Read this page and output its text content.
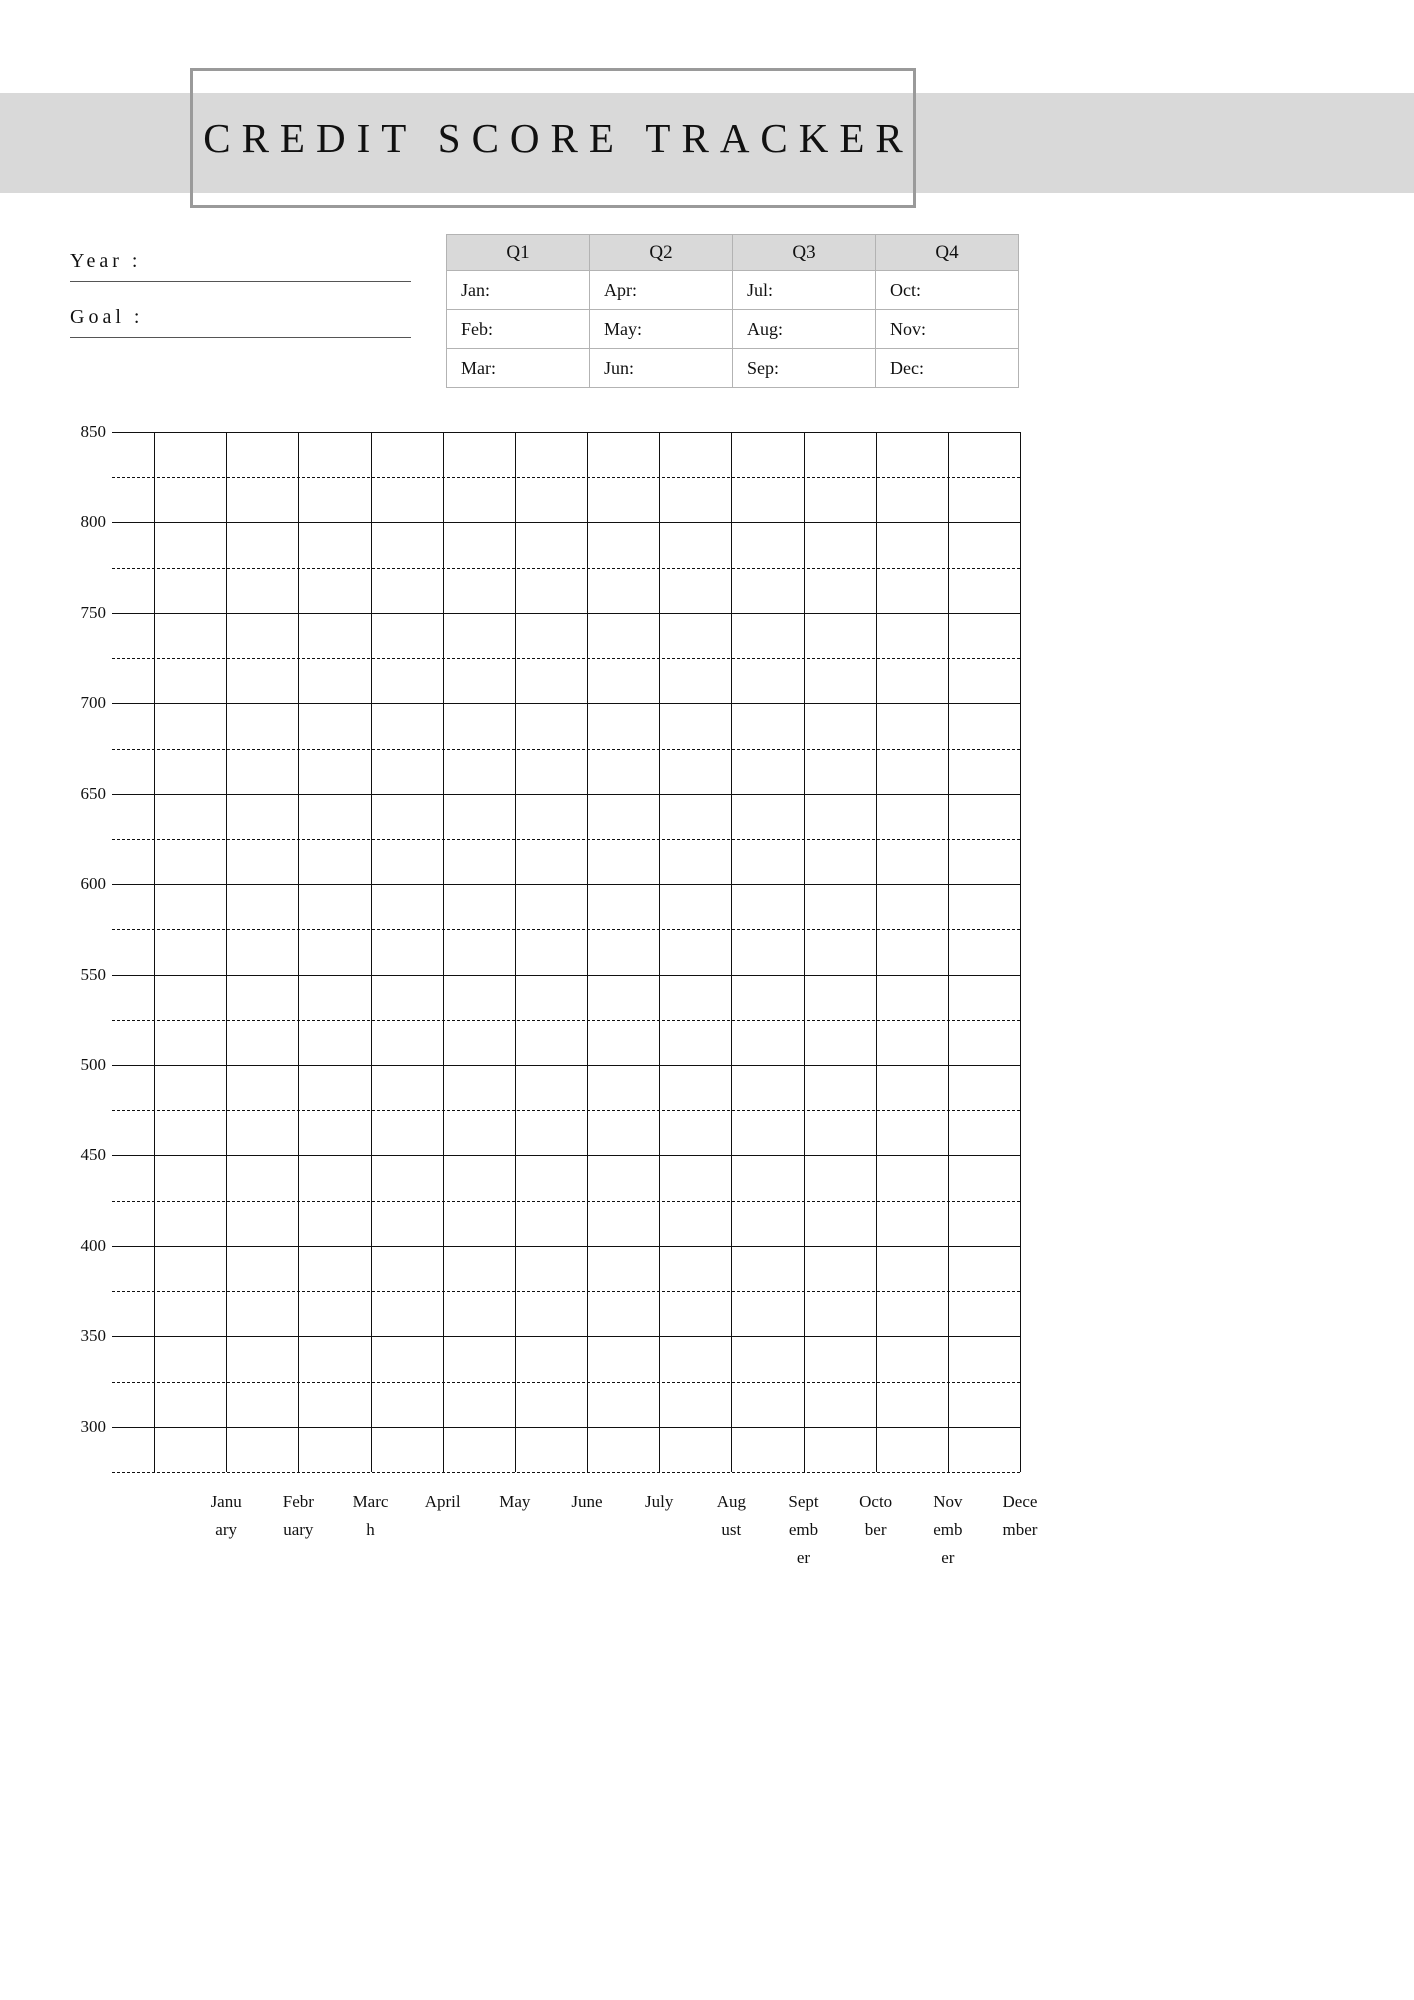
CREDIT SCORE TRACKER
Year :
Goal :
Q1	Q2	Q3	Q4
Jan:	Apr:	Jul:	Oct:
Feb:	May:	Aug:	Nov:
Mar:	Jun:	Sep:	Dec:
January
February
March
April May June July	August
September
October
November
December
850
800
750
700
650
600
550
500
450
400
350
300
